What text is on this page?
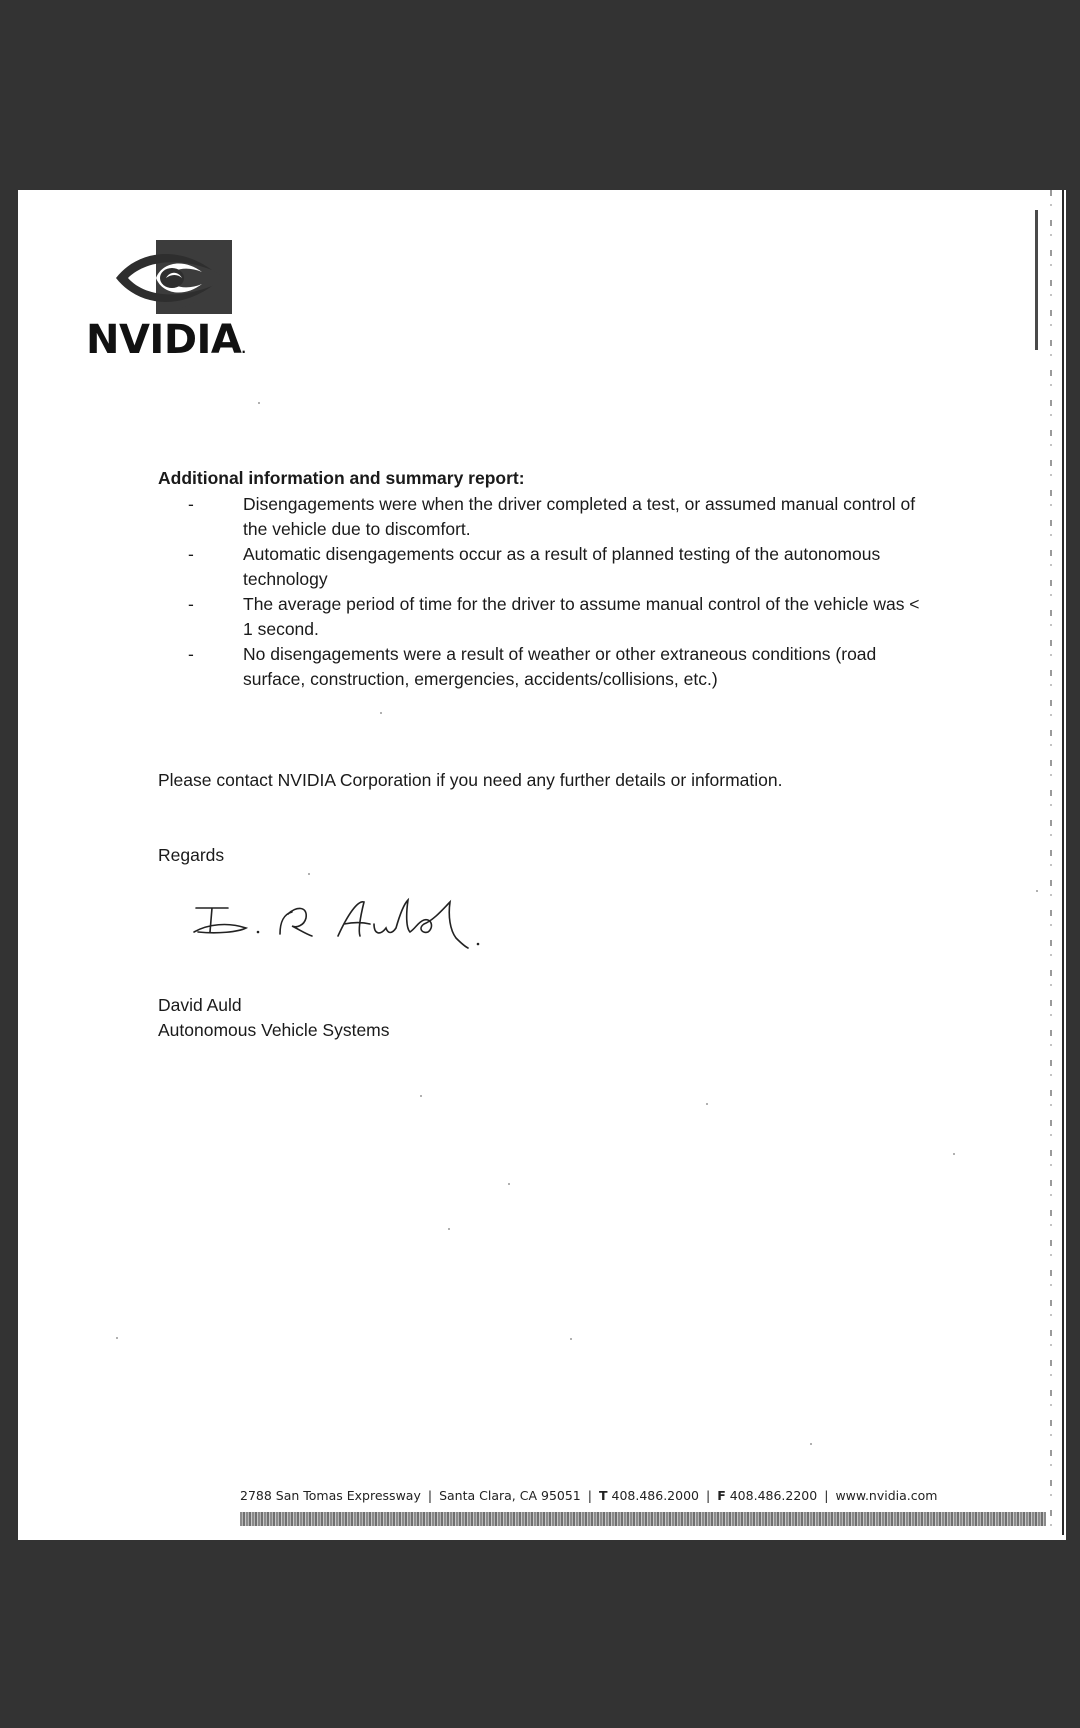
NVIDIA.
Additional information and summary report:
-	Disengagements were when the driver completed a test, or assumed manual control of the vehicle due to discomfort.
-	Automatic disengagements occur as a result of planned testing of the autonomous technology
-	The average period of time for the driver to assume manual control of the vehicle was < 1 second.
-	No disengagements were a result of weather or other extraneous conditions (road surface, construction, emergencies, accidents/collisions, etc.)
Please contact NVIDIA Corporation if you need any further details or information.
Regards
David Auld
Autonomous Vehicle Systems
2788 San Tomas Expressway | Santa Clara, CA 95051 | T 408.486.2000 | F 408.486.2200 | www.nvidia.com
